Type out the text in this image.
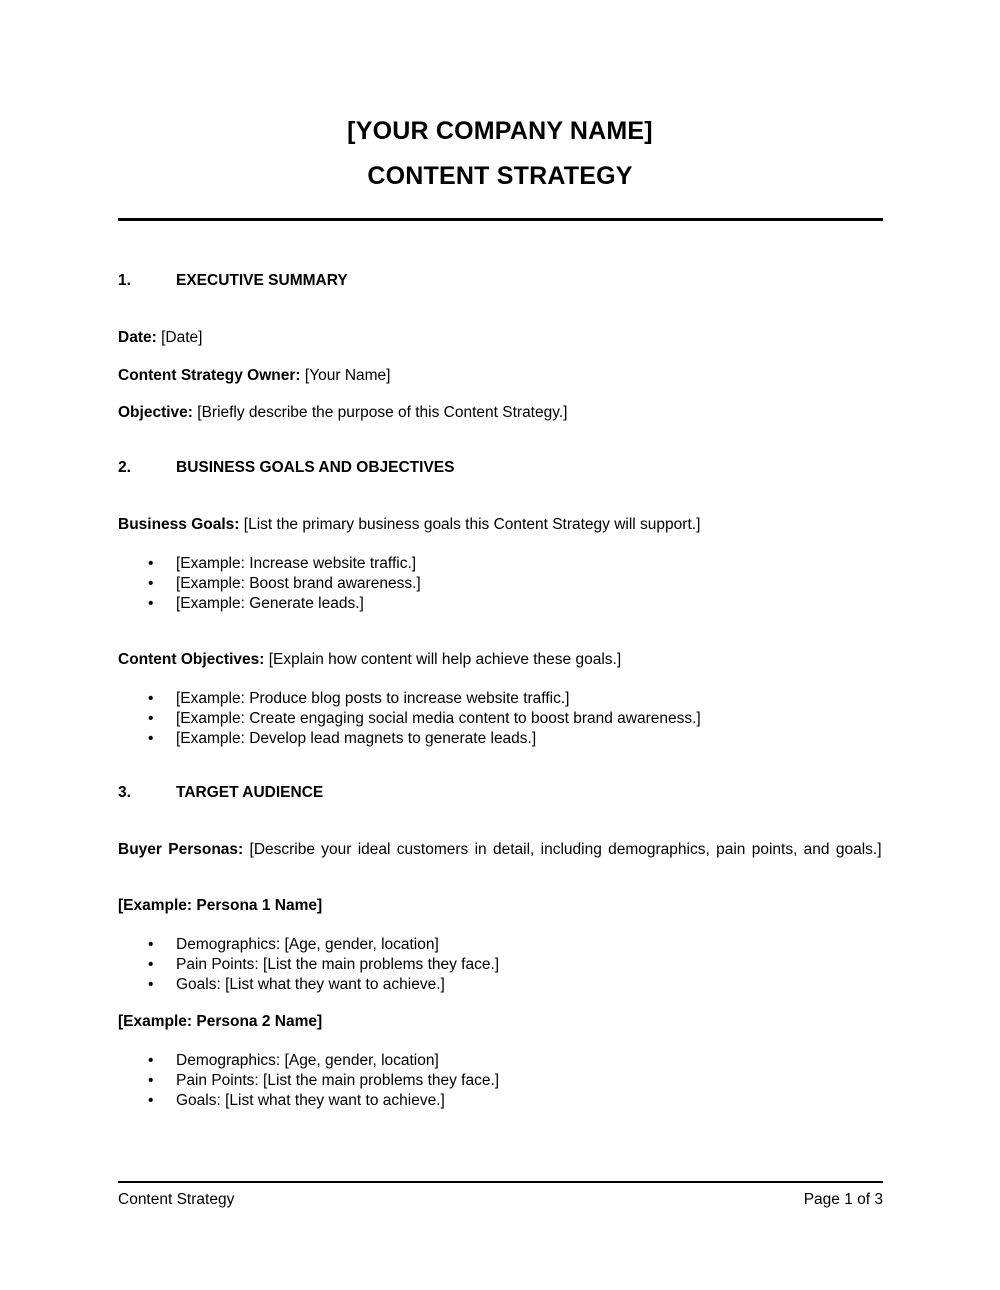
[YOUR COMPANY NAME]
CONTENT STRATEGY
1.	EXECUTIVE SUMMARY
Date: [Date]
Content Strategy Owner: [Your Name]
Objective: [Briefly describe the purpose of this Content Strategy.]
2.	BUSINESS GOALS AND OBJECTIVES
Business Goals: [List the primary business goals this Content Strategy will support.]
• [Example: Increase website traffic.]
• [Example: Boost brand awareness.]
• [Example: Generate leads.]
Content Objectives: [Explain how content will help achieve these goals.]
• [Example: Produce blog posts to increase website traffic.]
• [Example: Create engaging social media content to boost brand awareness.]
• [Example: Develop lead magnets to generate leads.]
3.	TARGET AUDIENCE
Buyer Personas: [Describe your ideal customers in detail, including demographics, pain points, and goals.]
[Example: Persona 1 Name]
• Demographics: [Age, gender, location]
• Pain Points: [List the main problems they face.]
• Goals: [List what they want to achieve.]
[Example: Persona 2 Name]
• Demographics: [Age, gender, location]
• Pain Points: [List the main problems they face.]
• Goals: [List what they want to achieve.]
Content Strategy	Page 1 of 3
